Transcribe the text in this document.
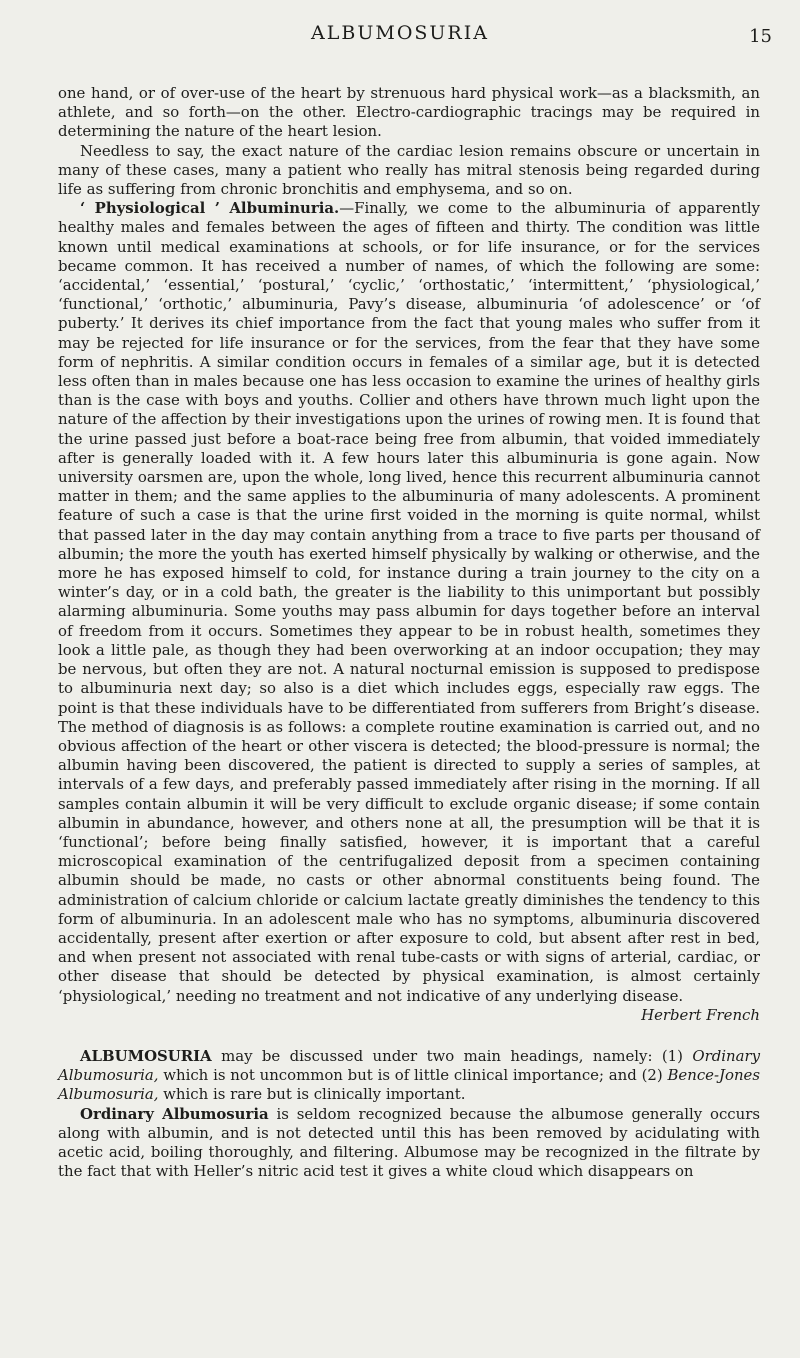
ALBUMOSURIA	15

one hand, or of over-use of the heart by strenuous hard physical work—as a blacksmith, an athlete, and so forth—on the other. Electro-cardiographic tracings may be required in determining the nature of the heart lesion.

Needless to say, the exact nature of the cardiac lesion remains obscure or uncertain in many of these cases, many a patient who really has mitral stenosis being regarded during life as suffering from chronic bronchitis and emphysema, and so on.

‘ Physiological ’ Albuminuria.—Finally, we come to the albuminuria of apparently healthy males and females between the ages of fifteen and thirty. The condition was little known until medical examinations at schools, or for life insurance, or for the services became common. It has received a number of names, of which the following are some: ‘accidental,’ ‘essential,’ ‘postural,’ ‘cyclic,’ ‘orthostatic,’ ‘intermittent,’ ‘physiological,’ ‘functional,’ ‘orthotic,’ albuminuria, Pavy’s disease, albuminuria ‘of adolescence’ or ‘of puberty.’ It derives its chief importance from the fact that young males who suffer from it may be rejected for life insurance or for the services, from the fear that they have some form of nephritis. A similar condition occurs in females of a similar age, but it is detected less often than in males because one has less occasion to examine the urines of healthy girls than is the case with boys and youths. Collier and others have thrown much light upon the nature of the affection by their investigations upon the urines of rowing men. It is found that the urine passed just before a boat-race being free from albumin, that voided immediately after is generally loaded with it. A few hours later this albuminuria is gone again. Now university oarsmen are, upon the whole, long lived, hence this recurrent albuminuria cannot matter in them; and the same applies to the albuminuria of many adolescents. A prominent feature of such a case is that the urine first voided in the morning is quite normal, whilst that passed later in the day may contain anything from a trace to five parts per thousand of albumin; the more the youth has exerted himself physically by walking or otherwise, and the more he has exposed himself to cold, for instance during a train journey to the city on a winter’s day, or in a cold bath, the greater is the liability to this unimportant but possibly alarming albuminuria. Some youths may pass albumin for days together before an interval of freedom from it occurs. Sometimes they appear to be in robust health, sometimes they look a little pale, as though they had been overworking at an indoor occupation; they may be nervous, but often they are not. A natural nocturnal emission is supposed to predispose to albuminuria next day; so also is a diet which includes eggs, especially raw eggs. The point is that these individuals have to be differentiated from sufferers from Bright’s disease. The method of diagnosis is as follows: a complete routine examination is carried out, and no obvious affection of the heart or other viscera is detected; the blood-pressure is normal; the albumin having been discovered, the patient is directed to supply a series of samples, at intervals of a few days, and preferably passed immediately after rising in the morning. If all samples contain albumin it will be very difficult to exclude organic disease; if some contain albumin in abundance, however, and others none at all, the presumption will be that it is ‘functional’; before being finally satisfied, however, it is important that a careful microscopical examination of the centrifugalized deposit from a specimen containing albumin should be made, no casts or other abnormal constituents being found. The administration of calcium chloride or calcium lactate greatly diminishes the tendency to this form of albuminuria. In an adolescent male who has no symptoms, albuminuria discovered accidentally, present after exertion or after exposure to cold, but absent after rest in bed, and when present not associated with renal tube-casts or with signs of arterial, cardiac, or other disease that should be detected by physical examination, is almost certainly ‘physiological,’ needing no treatment and not indicative of any underlying disease.

Herbert French

ALBUMOSURIA may be discussed under two main headings, namely: (1) Ordinary Albumosuria, which is not uncommon but is of little clinical importance; and (2) Bence-Jones Albumosuria, which is rare but is clinically important.

Ordinary Albumosuria is seldom recognized because the albumose generally occurs along with albumin, and is not detected until this has been removed by acidulating with acetic acid, boiling thoroughly, and filtering. Albumose may be recognized in the filtrate by the fact that with Heller’s nitric acid test it gives a white cloud which disappears on
